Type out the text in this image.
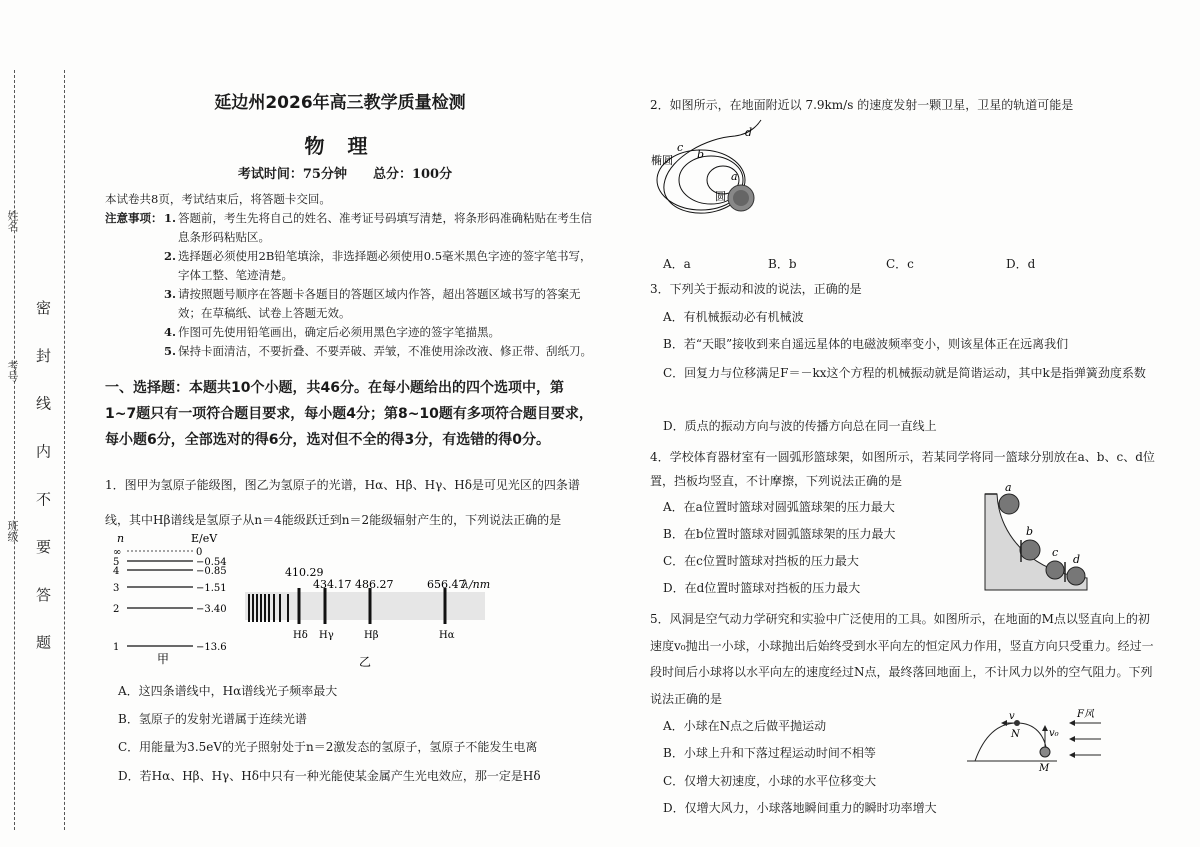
密 封 线 内 不 要 答 题
姓名
考号
班级
延边州2026年高三教学质量检测
物 理
考试时间：75分钟　　总分：100分
本试卷共8页，考试结束后，将答题卡交回。
注意事项： 1. 答题前，考生先将自己的姓名、准考证号码填写清楚，将条形码准确粘贴在考生信息条形码粘贴区。
2. 选择题必须使用2B铅笔填涂，非选择题必须使用0.5毫米黑色字迹的签字笔书写，字体工整、笔迹清楚。
3. 请按照题号顺序在答题卡各题目的答题区域内作答，超出答题区域书写的答案无效；在草稿纸、试卷上答题无效。
4. 作图可先使用铅笔画出，确定后必须用黑色字迹的签字笔描黑。
5. 保持卡面清洁，不要折叠、不要弄破、弄皱，不准使用涂改液、修正带、刮纸刀。
一、选择题：本题共10个小题，共46分。在每小题给出的四个选项中，第1~7题只有一项符合题目要求，每小题4分；第8~10题有多项符合题目要求，每小题6分，全部选对的得6分，选对但不全的得3分，有选错的得0分。
1．图甲为氢原子能级图，图乙为氢原子的光谱，Hα、Hβ、Hγ、Hδ是可见光区的四条谱线，其中Hβ谱线是氢原子从n＝4能级跃迁到n＝2能级辐射产生的，下列说法正确的是
n	E/eV
∞	0
5	−0.54
4	−0.85
3	−1.51
2	−3.40
1	−13.6
甲
410.29
434.17 486.27	656.47
λ/nm
Hδ Hγ	Hβ	Hα
乙
A．这四条谱线中，Hα谱线光子频率最大
B．氢原子的发射光谱属于连续光谱
C．用能量为3.5eV的光子照射处于n＝2激发态的氢原子，氢原子不能发生电离
D．若Hα、Hβ、Hγ、Hδ中只有一种光能使某金属产生光电效应，那一定是Hδ
2．如图所示，在地面附近以 7.9km/s 的速度发射一颗卫星，卫星的轨道可能是
椭圆
圆
a
b
c
d
A．a	B．b	C．c	D．d
3．下列关于振动和波的说法，正确的是
A．有机械振动必有机械波
B．若“天眼”接收到来自遥远星体的电磁波频率变小，则该星体正在远离我们
C．回复力与位移满足F＝－kx这个方程的机械振动就是简谐运动，其中k是指弹簧劲度系数
D．质点的振动方向与波的传播方向总在同一直线上
4．学校体育器材室有一圆弧形篮球架，如图所示，若某同学将同一篮球分别放在a、b、c、d位置，挡板均竖直，不计摩擦，下列说法正确的是
A．在a位置时篮球对圆弧篮球架的压力最大
B．在b位置时篮球对圆弧篮球架的压力最大
C．在c位置时篮球对挡板的压力最大
D．在d位置时篮球对挡板的压力最大
a
b
c
d
5．风洞是空气动力学研究和实验中广泛使用的工具。如图所示，在地面的M点以竖直向上的初速度v₀抛出一小球，小球抛出后始终受到水平向左的恒定风力作用，竖直方向只受重力。经过一段时间后小球将以水平向左的速度经过N点，最终落回地面上，不计风力以外的空气阻力。下列说法正确的是
A．小球在N点之后做平抛运动
B．小球上升和下落过程运动时间不相等
C．仅增大初速度，小球的水平位移变大
D．仅增大风力，小球落地瞬间重力的瞬时功率增大
v
v₀
N
M
F风
